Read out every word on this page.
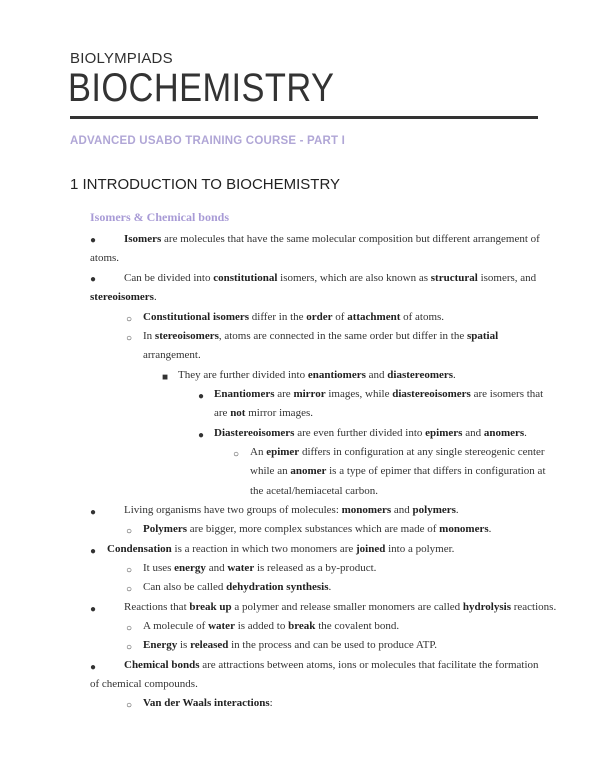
BIOLYMPIADS
BIOCHEMISTRY
ADVANCED USABO TRAINING COURSE - PART I
1 INTRODUCTION TO BIOCHEMISTRY
Isomers & Chemical bonds
●
●
○
○
■
●
●
○
●
○
●
○
○
●
○
○
●
○
Isomers are molecules that have the same molecular composition but different arrangement of
atoms.
Can be divided into constitutional isomers, which are also known as structural isomers, and
stereoisomers.
Constitutional isomers differ in the order of attachment of atoms.
In stereoisomers, atoms are connected in the same order but differ in the spatial
arrangement.
They are further divided into enantiomers and diastereomers.
Enantiomers are mirror images, while diastereoisomers are isomers that
are not mirror images.
Diastereoisomers are even further divided into epimers and anomers.
An epimer differs in configuration at any single stereogenic center
while an anomer is a type of epimer that differs in configuration at
the acetal/hemiacetal carbon.
Living organisms have two groups of molecules: monomers and polymers.
Polymers are bigger, more complex substances which are made of monomers.
Condensation is a reaction in which two monomers are joined into a polymer.
It uses energy and water is released as a by-product.
Can also be called dehydration synthesis.
Reactions that break up a polymer and release smaller monomers are called hydrolysis reactions.
A molecule of water is added to break the covalent bond.
Energy is released in the process and can be used to produce ATP.
Chemical bonds are attractions between atoms, ions or molecules that facilitate the formation
of chemical compounds.
Van der Waals interactions:
